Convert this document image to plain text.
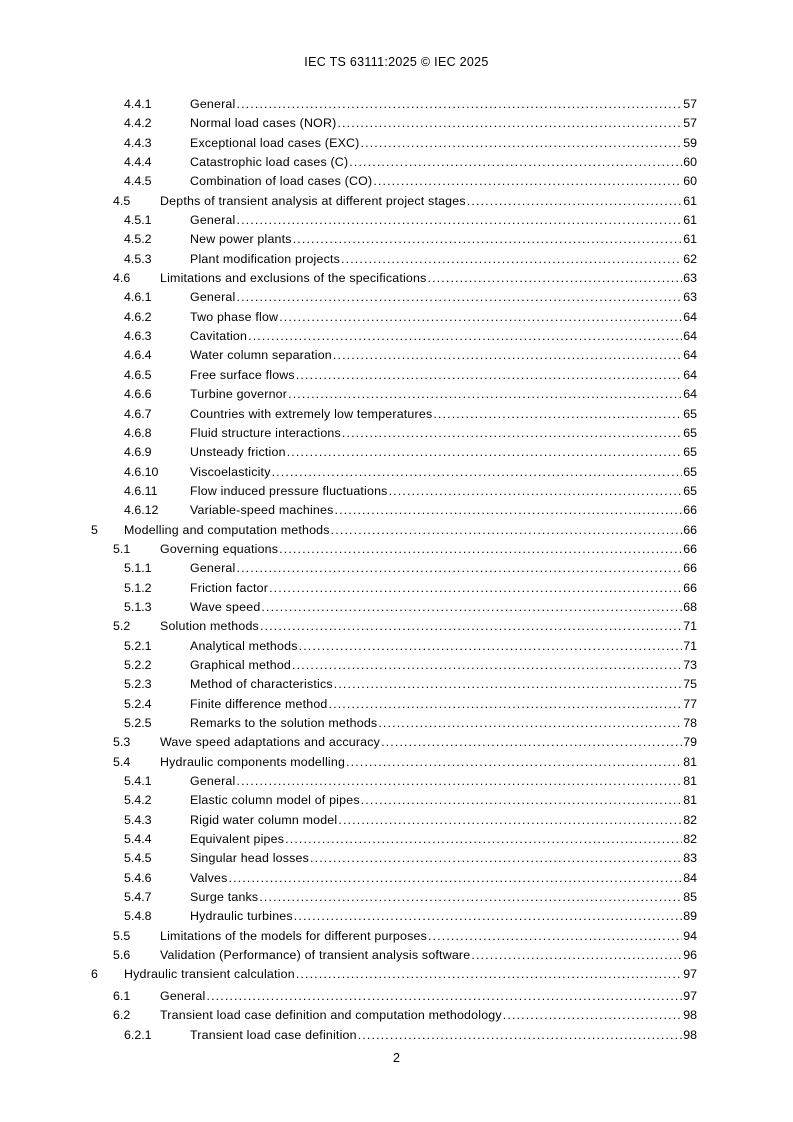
IEC TS 63111:2025 © IEC 2025
4.4.1	General .....	57
4.4.2	Normal load cases (NOR) .....	57
4.4.3	Exceptional load cases (EXC) .....	59
4.4.4	Catastrophic load cases (C) .....	60
4.4.5	Combination of load cases (CO) .....	60
4.5 Depths of transient analysis at different project stages .....	61
4.5.1	General .....	61
4.5.2	New power plants .....	61
4.5.3	Plant modification projects .....	62
4.6 Limitations and exclusions of the specifications .....	63
4.6.1	General .....	63
4.6.2	Two phase flow .....	64
4.6.3	Cavitation .....	64
4.6.4	Water column separation .....	64
4.6.5	Free surface flows .....	64
4.6.6	Turbine governor .....	64
4.6.7	Countries with extremely low temperatures .....	65
4.6.8	Fluid structure interactions .....	65
4.6.9	Unsteady friction .....	65
4.6.10	Viscoelasticity .....	65
4.6.11	Flow induced pressure fluctuations .....	65
4.6.12	Variable-speed machines .....	66
5 Modelling and computation methods .....	66
5.1 Governing equations .....	66
5.1.1	General .....	66
5.1.2	Friction factor .....	66
5.1.3	Wave speed .....	68
5.2 Solution methods .....	71
5.2.1	Analytical methods .....	71
5.2.2	Graphical method .....	73
5.2.3	Method of characteristics .....	75
5.2.4	Finite difference method .....	77
5.2.5	Remarks to the solution methods .....	78
5.3 Wave speed adaptations and accuracy .....	79
5.4 Hydraulic components modelling .....	81
5.4.1	General .....	81
5.4.2	Elastic column model of pipes .....	81
5.4.3	Rigid water column model .....	82
5.4.4	Equivalent pipes .....	82
5.4.5	Singular head losses .....	83
5.4.6	Valves .....	84
5.4.7	Surge tanks .....	85
5.4.8	Hydraulic turbines .....	89
5.5 Limitations of the models for different purposes .....	94
5.6 Validation (Performance) of transient analysis software .....	96
6 Hydraulic transient calculation .....	97
6.1 General .....	97
6.2 Transient load case definition and computation methodology .....	98
6.2.1	Transient load case definition .....	98
2
